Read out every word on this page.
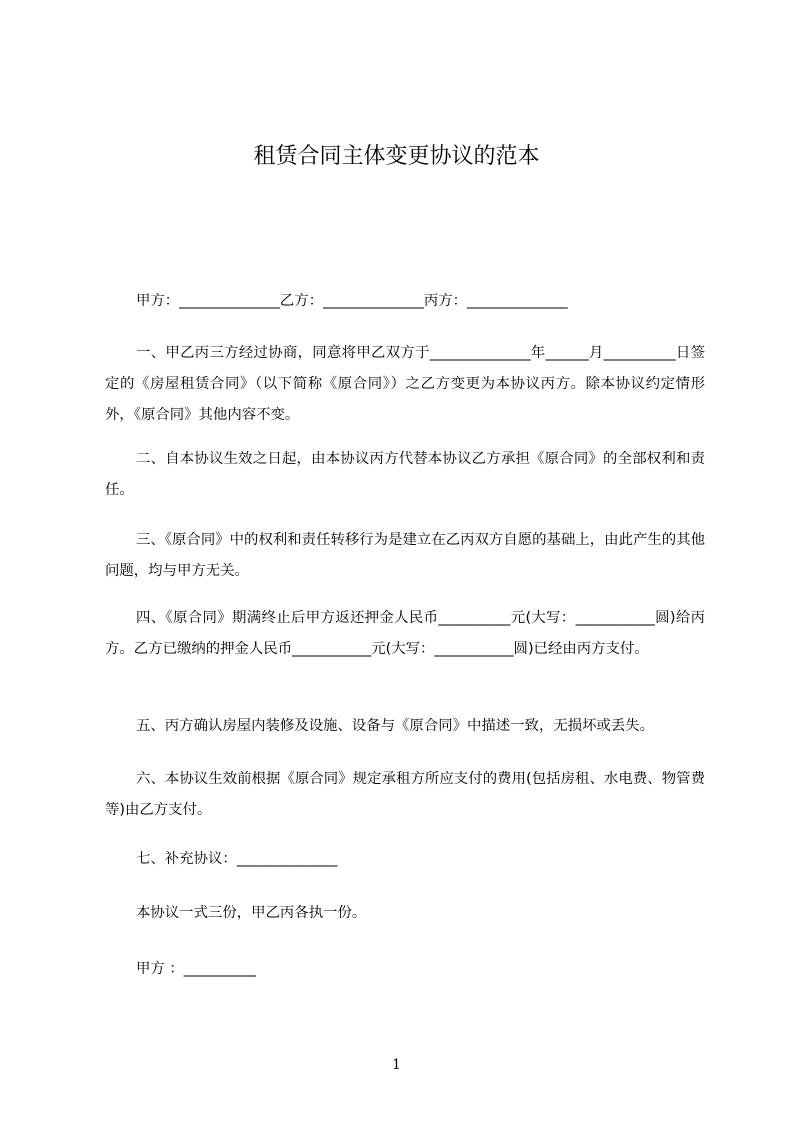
租赁合同主体变更协议的范本
甲方：______________乙方：______________丙方：______________

一、甲乙丙三方经过协商，同意将甲乙双方于______________年______月__________日签定的《房屋租赁合同》（以下简称《原合同》）之乙方变更为本协议丙方。除本协议约定情形外，《原合同》其他内容不变。

二、自本协议生效之日起，由本协议丙方代替本协议乙方承担《原合同》的全部权利和责任。

三、《原合同》中的权利和责任转移行为是建立在乙丙双方自愿的基础上，由此产生的其他问题，均与甲方无关。

四、《原合同》期满终止后甲方返还押金人民币__________元(大写：___________圆)给丙方。乙方已缴纳的押金人民币___________元(大写：___________圆)已经由丙方支付。

五、丙方确认房屋内装修及设施、设备与《原合同》中描述一致，无损坏或丢失。

六、本协议生效前根据《原合同》规定承租方所应支付的费用(包括房租、水电费、物管费等)由乙方支付。

七、补充协议：______________
本协议一式三份，甲乙丙各执一份。
甲方 ：__________
1
